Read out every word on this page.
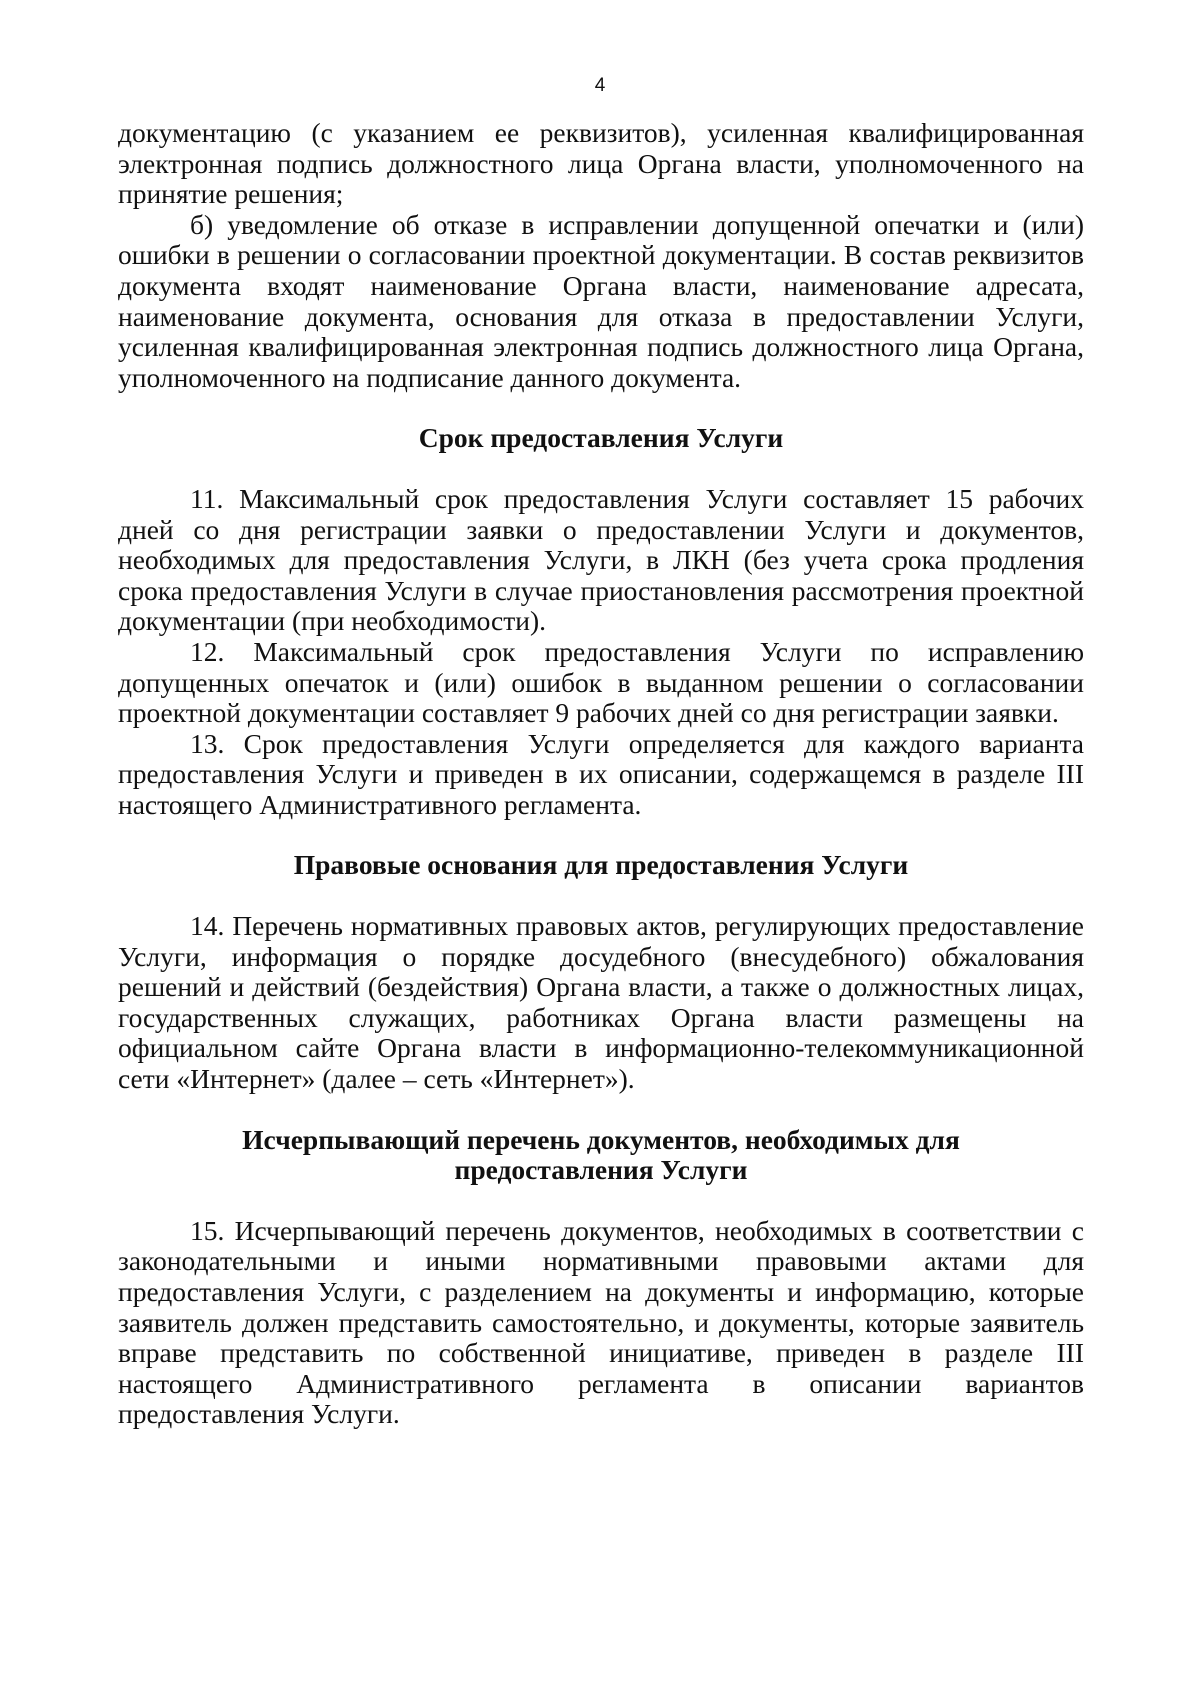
4

документацию (с указанием ее реквизитов), усиленная квалифицированная электронная подпись должностного лица Органа власти, уполномоченного на принятие решения;

б) уведомление об отказе в исправлении допущенной опечатки и (или) ошибки в решении о согласовании проектной документации. В состав реквизитов документа входят наименование Органа власти, наименование адресата, наименование документа, основания для отказа в предоставлении Услуги, усиленная квалифицированная электронная подпись должностного лица Органа, уполномоченного на подписание данного документа.

Срок предоставления Услуги

11. Максимальный срок предоставления Услуги составляет 15 рабочих дней со дня регистрации заявки о предоставлении Услуги и документов, необходимых для предоставления Услуги, в ЛКН (без учета срока продления срока предоставления Услуги в случае приостановления рассмотрения проектной документации (при необходимости).

12. Максимальный срок предоставления Услуги по исправлению допущенных опечаток и (или) ошибок в выданном решении о согласовании проектной документации составляет 9 рабочих дней со дня регистрации заявки.

13. Срок предоставления Услуги определяется для каждого варианта предоставления Услуги и приведен в их описании, содержащемся в разделе III настоящего Административного регламента.

Правовые основания для предоставления Услуги

14. Перечень нормативных правовых актов, регулирующих предоставление Услуги, информация о порядке досудебного (внесудебного) обжалования решений и действий (бездействия) Органа власти, а также о должностных лицах, государственных служащих, работниках Органа власти размещены на официальном сайте Органа власти в информационно-телекоммуникационной сети «Интернет» (далее – сеть «Интернет»).

Исчерпывающий перечень документов, необходимых для
предоставления Услуги

15. Исчерпывающий перечень документов, необходимых в соответствии с законодательными и иными нормативными правовыми актами для предоставления Услуги, с разделением на документы и информацию, которые заявитель должен представить самостоятельно, и документы, которые заявитель вправе представить по собственной инициативе, приведен в разделе III настоящего Административного регламента в описании вариантов предоставления Услуги.
